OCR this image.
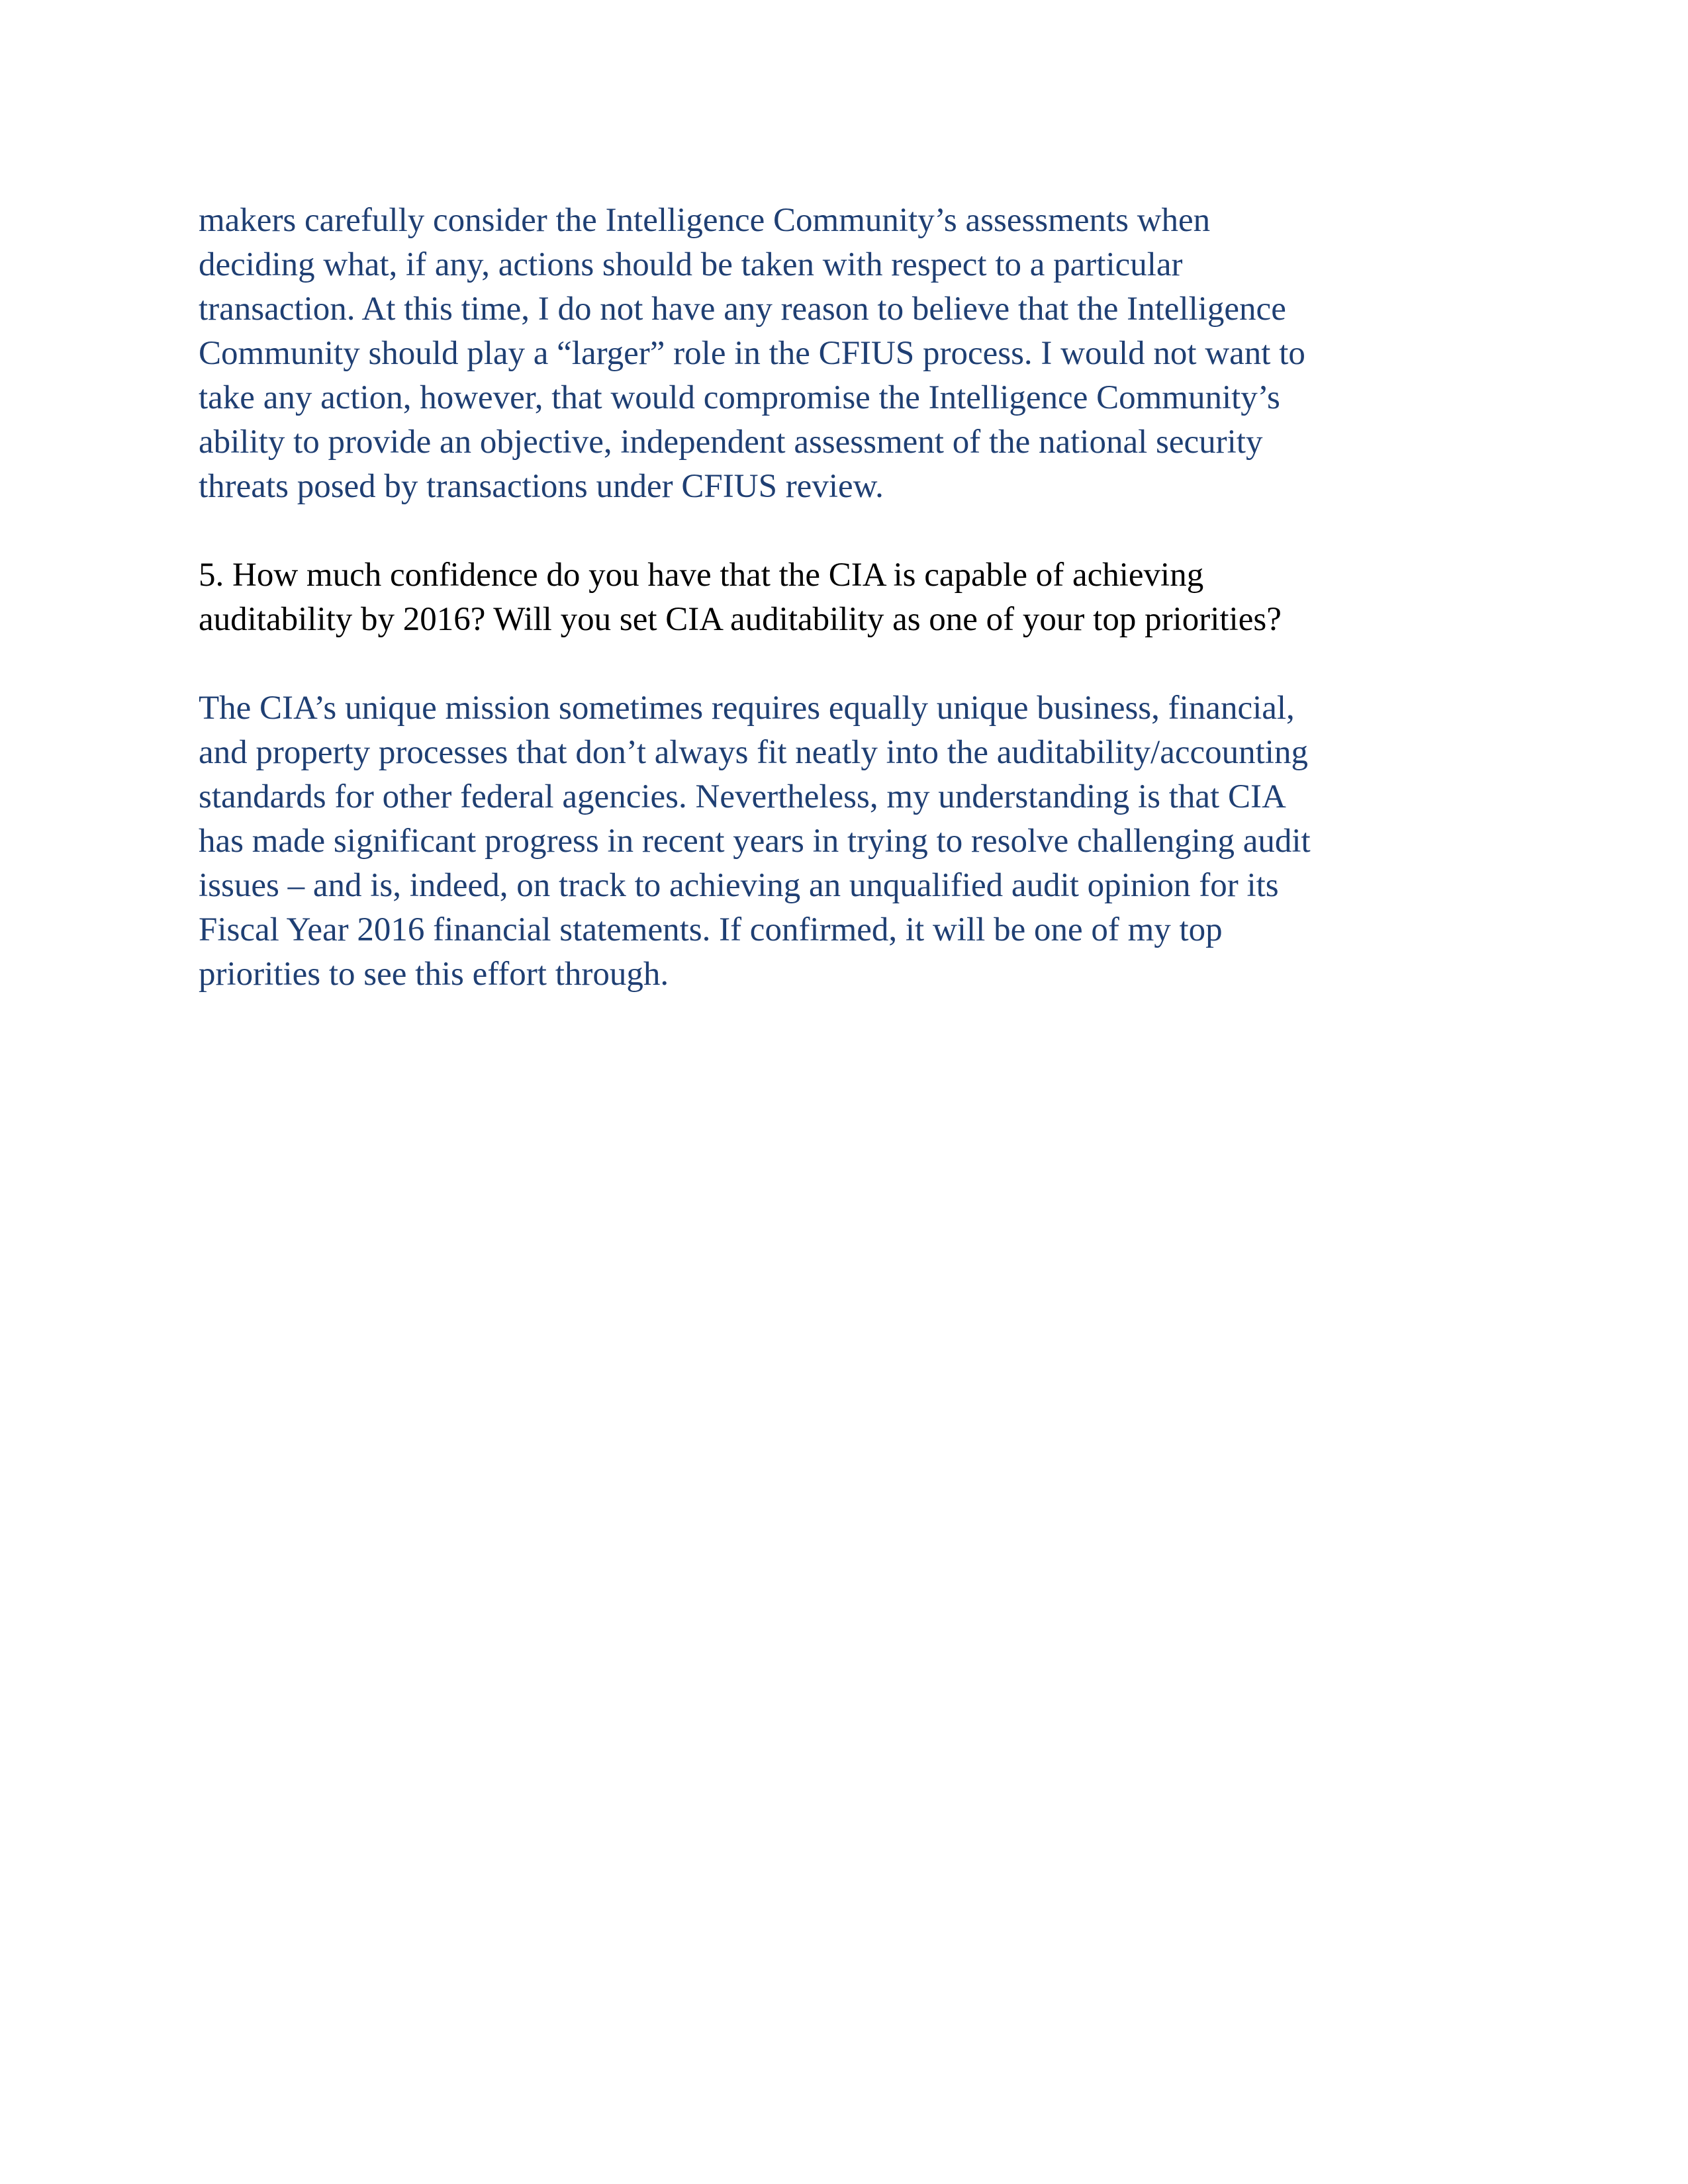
makers carefully consider the Intelligence Community’s assessments when
deciding what, if any, actions should be taken with respect to a particular
transaction. At this time, I do not have any reason to believe that the Intelligence
Community should play a “larger” role in the CFIUS process. I would not want to
take any action, however, that would compromise the Intelligence Community’s
ability to provide an objective, independent assessment of the national security
threats posed by transactions under CFIUS review.

5. How much confidence do you have that the CIA is capable of achieving
auditability by 2016? Will you set CIA auditability as one of your top priorities?

The CIA’s unique mission sometimes requires equally unique business, financial,
and property processes that don’t always fit neatly into the auditability/accounting
standards for other federal agencies. Nevertheless, my understanding is that CIA
has made significant progress in recent years in trying to resolve challenging audit
issues – and is, indeed, on track to achieving an unqualified audit opinion for its
Fiscal Year 2016 financial statements. If confirmed, it will be one of my top
priorities to see this effort through.
